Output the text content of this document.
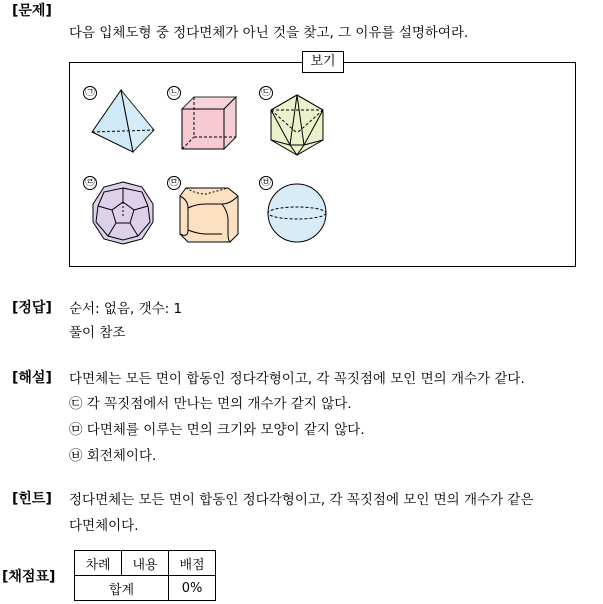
[문제]
다음 입체도형 중 정다면체가 아닌 것을 찾고, 그 이유를 설명하여라.
보기
㉠	㉡	㉢
㉣	㉤	㉥
[정답] 순서: 없음, 갯수: 1
풀이 참조
[해설] 다면체는 모든 면이 합동인 정다각형이고, 각 꼭짓점에 모인 면의 개수가 같다.
㉢ 각 꼭짓점에서 만나는 면의 개수가 같지 않다.
㉤ 다면체를 이루는 면의 크기와 모양이 같지 않다.
㉥ 회전체이다.
[힌트] 정다면체는 모든 면이 합동인 정다각형이고, 각 꼭짓점에 모인 면의 개수가 같은
다면체이다.
[채점표]
차례	내용	배점
합계		0%
